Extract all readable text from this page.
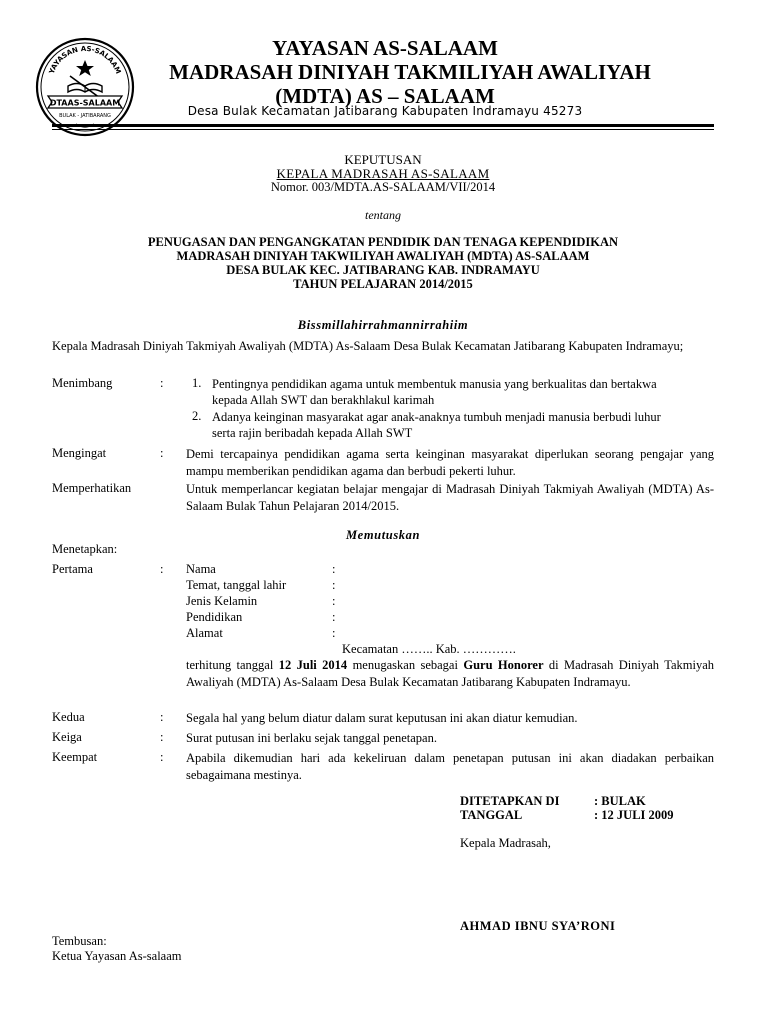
YAYASAN AS-SALAAM
DTAAS-SALAAM
BULAK - JATIBARANG
YAYASAN AS-SALAAM
MADRASAH DINIYAH TAKMILIYAH AWALIYAH
(MDTA) AS – SALAAM
Desa Bulak Kecamatan Jatibarang Kabupaten Indramayu 45273
KEPUTUSAN
KEPALA MADRASAH AS-SALAAM
Nomor. 003/MDTA.AS-SALAAM/VII/2014
tentang
PENUGASAN DAN PENGANGKATAN PENDIDIK DAN TENAGA KEPENDIDIKAN
MADRASAH DINIYAH TAKWILIYAH AWALIYAH (MDTA) AS-SALAAM
DESA BULAK KEC. JATIBARANG KAB. INDRAMAYU
TAHUN PELAJARAN 2014/2015
Bissmillahirrahmannirrahiim
Kepala Madrasah Diniyah Takmiyah Awaliyah (MDTA) As-Salaam Desa Bulak Kecamatan Jatibarang Kabupaten Indramayu;
Menimbang	: 1. Pentingnya pendidikan agama untuk membentuk manusia yang berkualitas dan bertakwa
kepada Allah SWT dan berakhlakul karimah
2. Adanya keinginan masyarakat agar anak-anaknya tumbuh menjadi manusia berbudi luhur
serta rajin beribadah kepada Allah SWT
Mengingat	: Demi tercapainya pendidikan agama serta keinginan masyarakat diperlukan seorang pengajar yang mampu memberikan pendidikan agama dan berbudi pekerti luhur.
Memperhatikan	Untuk memperlancar kegiatan belajar mengajar di Madrasah Diniyah Takmiyah Awaliyah (MDTA) As-Salaam Bulak Tahun Pelajaran 2014/2015.
Memutuskan
Menetapkan:
Pertama	: Nama	:
Temat, tanggal lahir	:
Jenis Kelamin	:
Pendidikan	:
Alamat	:
Kecamatan …….. Kab. ………….
terhitung tanggal 12 Juli 2014 menugaskan sebagai Guru Honorer di Madrasah Diniyah Takmiyah Awaliyah (MDTA) As-Salaam Desa Bulak Kecamatan Jatibarang Kabupaten Indramayu.
Kedua	: Segala hal yang belum diatur dalam surat keputusan ini akan diatur kemudian.
Keiga	: Surat putusan ini berlaku sejak tanggal penetapan.
Keempat	: Apabila dikemudian hari ada kekeliruan dalam penetapan putusan ini akan diadakan perbaikan sebagaimana mestinya.
DITETAPKAN DI	: BULAK
TANGGAL	: 12 JULI 2009
Kepala Madrasah,
AHMAD IBNU SYA’RONI
Tembusan:
Ketua Yayasan As-salaam
